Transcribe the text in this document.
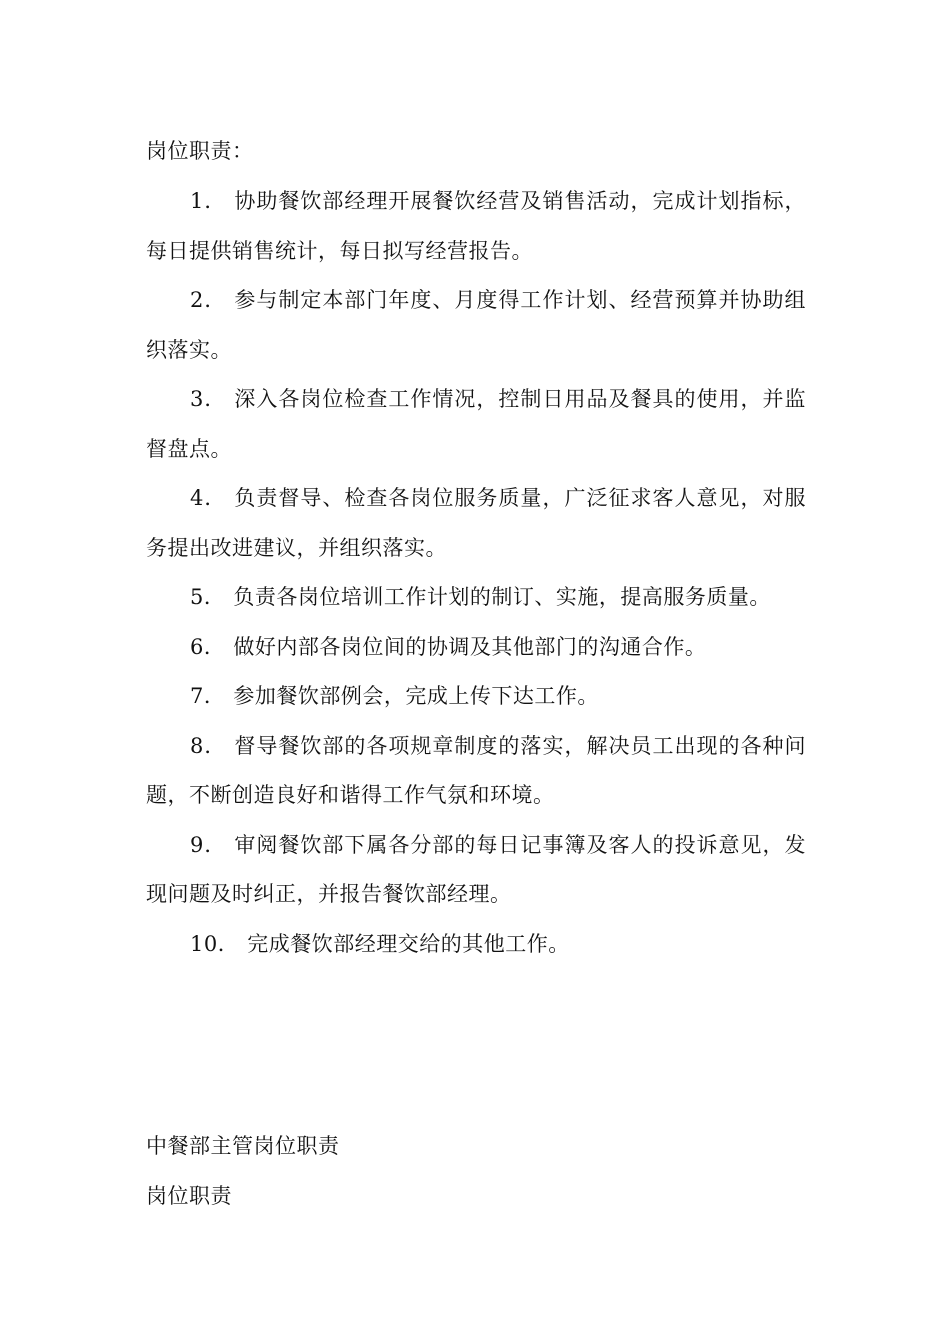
岗位职责：

1． 协助餐饮部经理开展餐饮经营及销售活动，完成计划指标，每日提供销售统计，每日拟写经营报告。

2． 参与制定本部门年度、月度得工作计划、经营预算并协助组织落实。

3． 深入各岗位检查工作情况，控制日用品及餐具的使用，并监督盘点。

4． 负责督导、检查各岗位服务质量，广泛征求客人意见，对服务提出改进建议，并组织落实。

5． 负责各岗位培训工作计划的制订、实施，提高服务质量。

6． 做好内部各岗位间的协调及其他部门的沟通合作。

7． 参加餐饮部例会，完成上传下达工作。

8． 督导餐饮部的各项规章制度的落实，解决员工出现的各种问题，不断创造良好和谐得工作气氛和环境。

9． 审阅餐饮部下属各分部的每日记事簿及客人的投诉意见，发现问题及时纠正，并报告餐饮部经理。

10． 完成餐饮部经理交给的其他工作。

中餐部主管岗位职责
岗位职责
